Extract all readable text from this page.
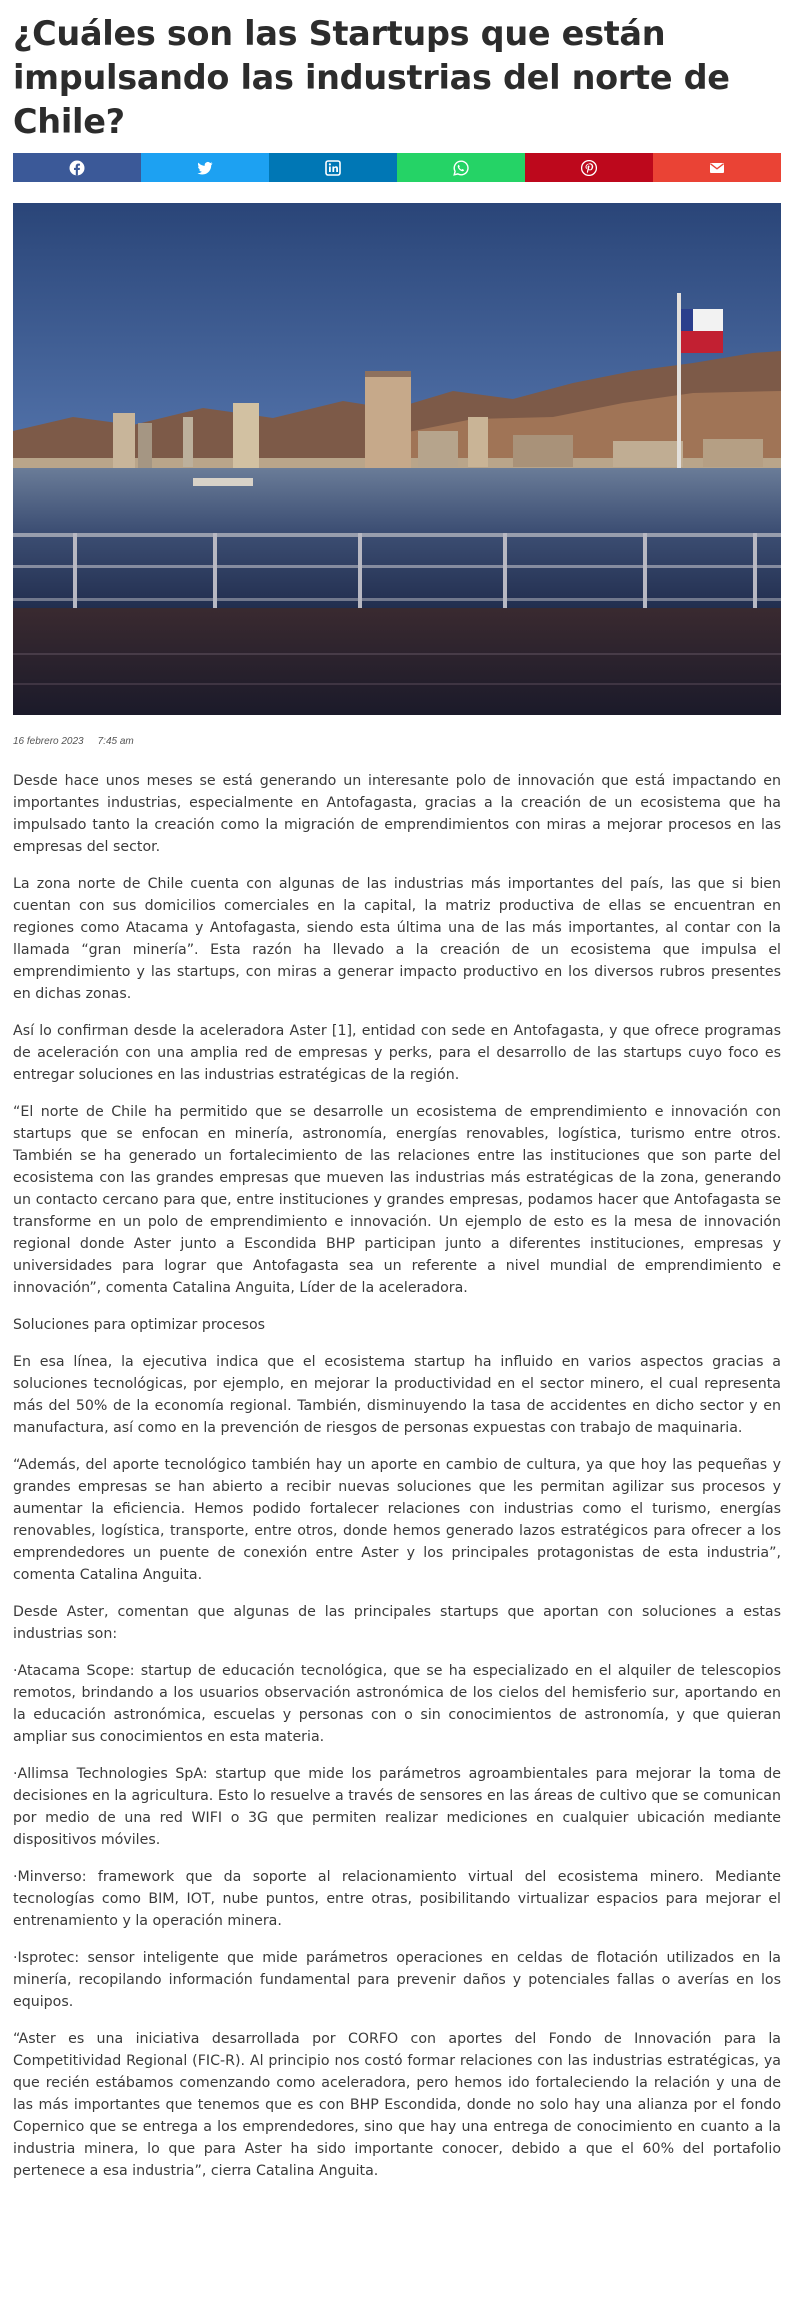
¿Cuáles son las Startups que están impulsando las industrias del norte de Chile?
16 febrero 2023 7:45 am

Desde hace unos meses se está generando un interesante polo de innovación que está impactando en importantes industrias, especialmente en Antofagasta, gracias a la creación de un ecosistema que ha impulsado tanto la creación como la migración de emprendimientos con miras a mejorar procesos en las empresas del sector.

La zona norte de Chile cuenta con algunas de las industrias más importantes del país, las que si bien cuentan con sus domicilios comerciales en la capital, la matriz productiva de ellas se encuentran en regiones como Atacama y Antofagasta, siendo esta última una de las más importantes, al contar con la llamada “gran minería”. Esta razón ha llevado a la creación de un ecosistema que impulsa el emprendimiento y las startups, con miras a generar impacto productivo en los diversos rubros presentes en dichas zonas.

Así lo confirman desde la aceleradora Aster [1], entidad con sede en Antofagasta, y que ofrece programas de aceleración con una amplia red de empresas y perks, para el desarrollo de las startups cuyo foco es entregar soluciones en las industrias estratégicas de la región.

“El norte de Chile ha permitido que se desarrolle un ecosistema de emprendimiento e innovación con startups que se enfocan en minería, astronomía, energías renovables, logística, turismo entre otros. También se ha generado un fortalecimiento de las relaciones entre las instituciones que son parte del ecosistema con las grandes empresas que mueven las industrias más estratégicas de la zona, generando un contacto cercano para que, entre instituciones y grandes empresas, podamos hacer que Antofagasta se transforme en un polo de emprendimiento e innovación. Un ejemplo de esto es la mesa de innovación regional donde Aster junto a Escondida BHP participan junto a diferentes instituciones, empresas y universidades para lograr que Antofagasta sea un referente a nivel mundial de emprendimiento e innovación”, comenta Catalina Anguita, Líder de la aceleradora.

Soluciones para optimizar procesos

En esa línea, la ejecutiva indica que el ecosistema startup ha influido en varios aspectos gracias a soluciones tecnológicas, por ejemplo, en mejorar la productividad en el sector minero, el cual representa más del 50% de la economía regional. También, disminuyendo la tasa de accidentes en dicho sector y en manufactura, así como en la prevención de riesgos de personas expuestas con trabajo de maquinaria.

“Además, del aporte tecnológico también hay un aporte en cambio de cultura, ya que hoy las pequeñas y grandes empresas se han abierto a recibir nuevas soluciones que les permitan agilizar sus procesos y aumentar la eficiencia. Hemos podido fortalecer relaciones con industrias como el turismo, energías renovables, logística, transporte, entre otros, donde hemos generado lazos estratégicos para ofrecer a los emprendedores un puente de conexión entre Aster y los principales protagonistas de esta industria”, comenta Catalina Anguita.

Desde Aster, comentan que algunas de las principales startups que aportan con soluciones a estas industrias son:

·Atacama Scope: startup de educación tecnológica, que se ha especializado en el alquiler de telescopios remotos, brindando a los usuarios observación astronómica de los cielos del hemisferio sur, aportando en la educación astronómica, escuelas y personas con o sin conocimientos de astronomía, y que quieran ampliar sus conocimientos en esta materia.

·Allimsa Technologies SpA: startup que mide los parámetros agroambientales para mejorar la toma de decisiones en la agricultura. Esto lo resuelve a través de sensores en las áreas de cultivo que se comunican por medio de una red WIFI o 3G que permiten realizar mediciones en cualquier ubicación mediante dispositivos móviles.

·Minverso: framework que da soporte al relacionamiento virtual del ecosistema minero. Mediante tecnologías como BIM, IOT, nube puntos, entre otras, posibilitando virtualizar espacios para mejorar el entrenamiento y la operación minera.

·Isprotec: sensor inteligente que mide parámetros operaciones en celdas de flotación utilizados en la minería, recopilando información fundamental para prevenir daños y potenciales fallas o averías en los equipos.

“Aster es una iniciativa desarrollada por CORFO con aportes del Fondo de Innovación para la Competitividad Regional (FIC-R). Al principio nos costó formar relaciones con las industrias estratégicas, ya que recién estábamos comenzando como aceleradora, pero hemos ido fortaleciendo la relación y una de las más importantes que tenemos que es con BHP Escondida, donde no solo hay una alianza por el fondo Copernico que se entrega a los emprendedores, sino que hay una entrega de conocimiento en cuanto a la industria minera, lo que para Aster ha sido importante conocer, debido a que el 60% del portafolio pertenece a esa industria”, cierra Catalina Anguita.
